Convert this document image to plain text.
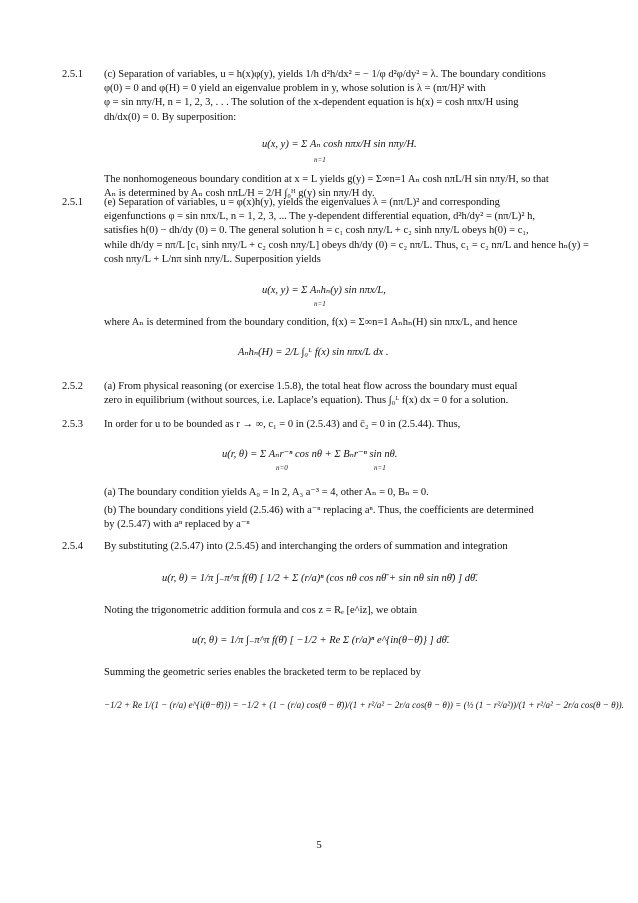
2.5.1	(c) Separation of variables, u = h(x)φ(y), yields 1/h d²h/dx² = − 1/φ d²φ/dy² = λ. The boundary conditions
φ(0) = 0 and φ(H) = 0 yield an eigenvalue problem in y, whose solution is λ = (nπ/H)² with
φ = sin nπy/H, n = 1, 2, 3, . . . The solution of the x-dependent equation is h(x) = cosh nπx/H using
dh/dx(0) = 0. By superposition:
u(x, y) = Σ Aₙ cosh nπx/H sin nπy/H.
n=1
The nonhomogeneous boundary condition at x = L yields g(y) = Σ∞n=1 Aₙ cosh nπL/H sin nπy/H, so that
Aₙ is determined by Aₙ cosh nπL/H = 2/H ∫₀ᴴ g(y) sin nπy/H dy.
2.5.1	(e) Separation of variables, u = φ(x)h(y), yields the eigenvalues λ = (nπ/L)² and corresponding
eigenfunctions φ = sin nπx/L, n = 1, 2, 3, ... The y-dependent differential equation, d²h/dy² = (nπ/L)² h,
satisfies h(0) − dh/dy (0) = 0. The general solution h = c₁ cosh nπy/L + c₂ sinh nπy/L obeys h(0) = c₁,
while dh/dy = nπ/L [c₁ sinh nπy/L + c₂ cosh nπy/L] obeys dh/dy (0) = c₂ nπ/L. Thus, c₁ = c₂ nπ/L and hence hₙ(y) =
cosh nπy/L + L/nπ sinh nπy/L. Superposition yields
u(x, y) = Σ Aₙhₙ(y) sin nπx/L,
n=1
where Aₙ is determined from the boundary condition, f(x) = Σ∞n=1 Aₙhₙ(H) sin nπx/L, and hence
Aₙhₙ(H) = 2/L ∫₀ᴸ f(x) sin nπx/L dx .
2.5.2	(a) From physical reasoning (or exercise 1.5.8), the total heat flow across the boundary must equal
zero in equilibrium (without sources, i.e. Laplace’s equation). Thus ∫₀ᴸ f(x) dx = 0 for a solution.
2.5.3	In order for u to be bounded as r → ∞, c₁ = 0 in (2.5.43) and c̄₂ = 0 in (2.5.44). Thus,
u(r, θ) = Σ Aₙr⁻ⁿ cos nθ + Σ Bₙr⁻ⁿ sin nθ.
n=0	n=1
(a) The boundary condition yields A₀ = ln 2, A₃ a⁻³ = 4, other Aₙ = 0, Bₙ = 0.
(b) The boundary conditions yield (2.5.46) with a⁻ⁿ replacing aⁿ. Thus, the coefficients are determined
by (2.5.47) with aⁿ replaced by a⁻ⁿ
2.5.4	By substituting (2.5.47) into (2.5.45) and interchanging the orders of summation and integration
u(r, θ) = 1/π ∫₋π^π f(θ̄) [ 1/2 + Σ (r/a)ⁿ (cos nθ cos nθ̄ + sin nθ sin nθ̄) ] dθ̄.
Noting the trigonometric addition formula and cos z = Rₑ [e^iz], we obtain
u(r, θ) = 1/π ∫₋π^π f(θ̄) [ −1/2 + Re Σ (r/a)ⁿ e^{in(θ−θ̄)} ] dθ̄.
Summing the geometric series enables the bracketed term to be replaced by
−1/2 + Re 1/(1 − (r/a) e^{i(θ−θ̄)}) = −1/2 + (1 − (r/a) cos(θ − θ̄))/(1 + r²/a² − 2r/a cos(θ − θ)) = (½ (1 − r²/a²))/(1 + r²/a² − 2r/a cos(θ − θ)).
5
